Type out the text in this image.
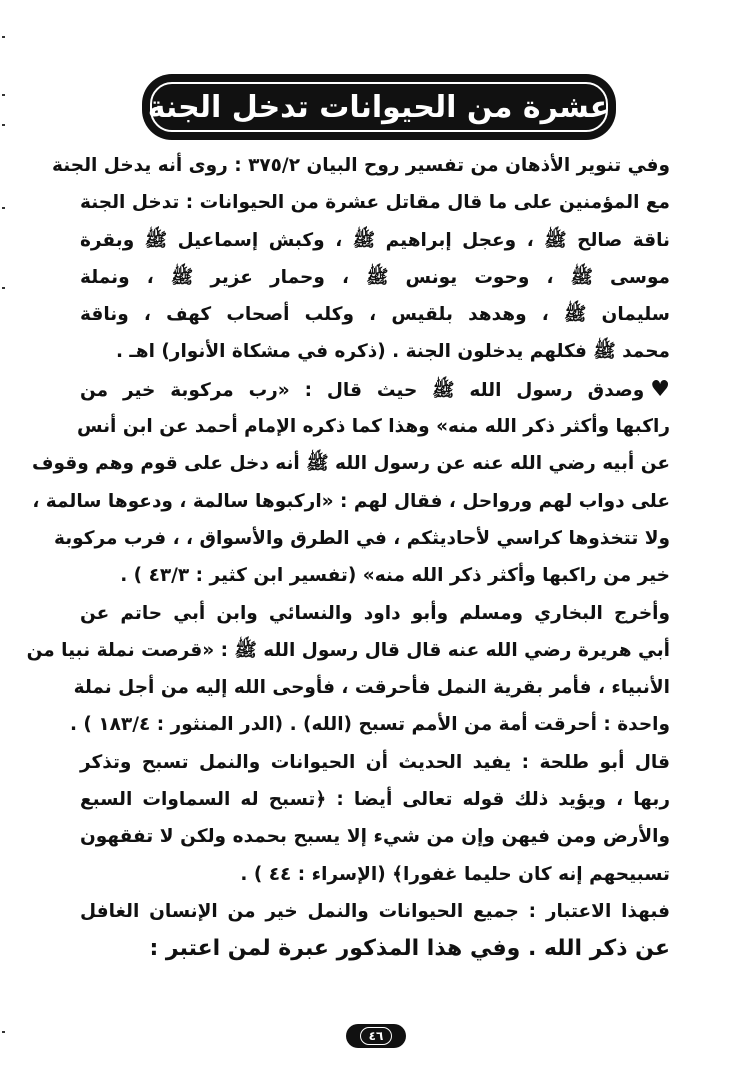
عشرة من الحيوانات تدخل الجنة
وفي تنوير الأذهان من تفسير روح البيان ٣٧٥/٢ : روى أنه يدخل الجنة
مع المؤمنين على ما قال مقاتل عشرة من الحيوانات : تدخل الجنة
ناقة صالح ﷺ ، وعجل إبراهيم ﷺ ، وكبش إسماعيل ﷺ وبقرة
موسى ﷺ ، وحوت يونس ﷺ ، وحمار عزير ﷺ ، ونملة
سليمان ﷺ ، وهدهد بلقيس ، وكلب أصحاب كهف ، وناقة
محمد ﷺ فكلهم يدخلون الجنة . (ذكره في مشكاة الأنوار) اهـ .
♥وصدق رسول الله ﷺ حيث قال : «رب مركوبة خير من
راكبها وأكثر ذكر الله منه» وهذا كما ذكره الإمام أحمد عن ابن أنس
عن أبيه رضي الله عنه عن رسول الله ﷺ أنه دخل على قوم وهم وقوف
على دواب لهم ورواحل ، فقال لهم : «اركبوها سالمة ، ودعوها سالمة ،
ولا تتخذوها كراسي لأحاديثكم ، في الطرق والأسواق ، ، فرب مركوبة
خير من راكبها وأكثر ذكر الله منه» (تفسير ابن كثير : ٤٣/٣ ) .
وأخرج البخاري ومسلم وأبو داود والنسائي وابن أبي حاتم عن
أبي هريرة رضي الله عنه قال قال رسول الله ﷺ : «قرصت نملة نبيا من
الأنبياء ، فأمر بقرية النمل فأحرقت ، فأوحى الله إليه من أجل نملة
واحدة : أحرقت أمة من الأمم تسبح (الله) . (الدر المنثور : ١٨٣/٤ ) .
قال أبو طلحة : يفيد الحديث أن الحيوانات والنمل تسبح وتذكر
ربها ، ويؤيد ذلك قوله تعالى أيضا : ﴿تسبح له السماوات السبع
والأرض ومن فيهن وإن من شيء إلا يسبح بحمده ولكن لا تفقهون
تسبيحهم إنه كان حليما غفورا﴾ (الإسراء : ٤٤ ) .
فبهذا الاعتبار : جميع الحيوانات والنمل خير من الإنسان الغافل
عن ذكر الله . وفي هذا المذكور عبرة لمن اعتبر :
٤٦
